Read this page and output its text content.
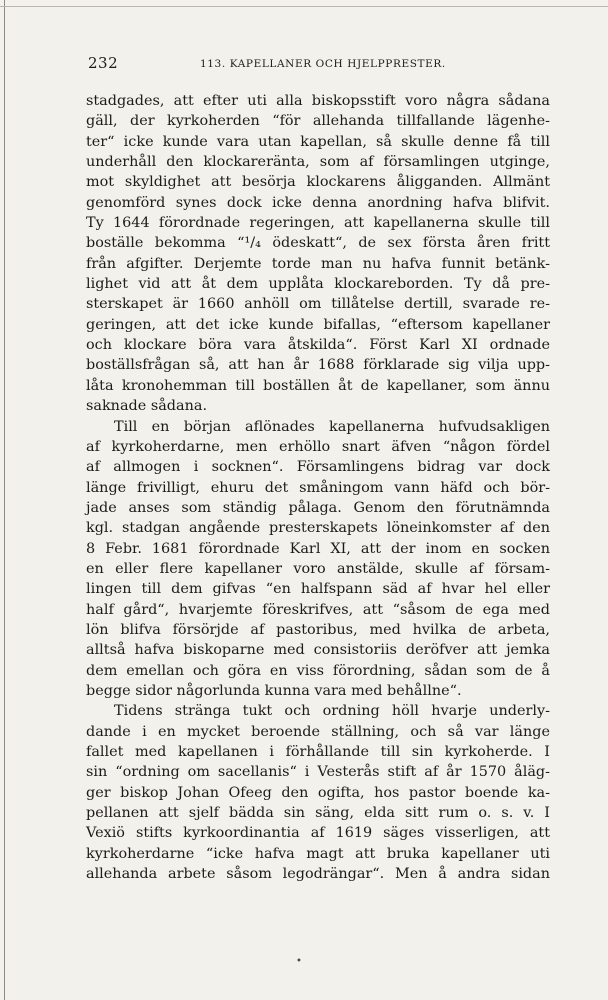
232	113. KAPELLANER OCH HJELPPRESTER.
stadgades, att efter uti alla biskopsstift voro några sådana
gäll, der kyrkoherden “för allehanda tillfallande lägenhe-
ter“ icke kunde vara utan kapellan, så skulle denne få till
underhåll den klockareränta, som af församlingen utginge,
mot skyldighet att besörja klockarens åligganden. Allmänt
genomförd synes dock icke denna anordning hafva blifvit.
Ty 1644 förordnade regeringen, att kapellanerna skulle till
boställe bekomma “¹/₄ ödeskatt“, de sex första åren fritt
från afgifter. Derjemte torde man nu hafva funnit betänk-
lighet vid att åt dem upplåta klockareborden. Ty då pre-
sterskapet är 1660 anhöll om tillåtelse dertill, svarade re-
geringen, att det icke kunde bifallas, “eftersom kapellaner
och klockare böra vara åtskilda“. Först Karl XI ordnade
boställsfrågan så, att han år 1688 förklarade sig vilja upp-
låta kronohemman till boställen åt de kapellaner, som ännu
saknade sådana.
Till en början aflönades kapellanerna hufvudsakligen
af kyrkoherdarne, men erhöllo snart äfven “någon fördel
af allmogen i socknen“. Församlingens bidrag var dock
länge frivilligt, ehuru det småningom vann häfd och bör-
jade anses som ständig pålaga. Genom den förutnämnda
kgl. stadgan angående presterskapets löneinkomster af den
8 Febr. 1681 förordnade Karl XI, att der inom en socken
en eller flere kapellaner voro anstälde, skulle af försam-
lingen till dem gifvas “en halfspann säd af hvar hel eller
half gård“, hvarjemte föreskrifves, att “såsom de ega med
lön blifva försörjde af pastoribus, med hvilka de arbeta,
alltså hafva biskoparne med consistoriis deröfver att jemka
dem emellan och göra en viss förordning, sådan som de å
begge sidor någorlunda kunna vara med behållne“.
Tidens stränga tukt och ordning höll hvarje underly-
dande i en mycket beroende ställning, och så var länge
fallet med kapellanen i förhållande till sin kyrkoherde. I
sin “ordning om sacellanis“ i Vesterås stift af år 1570 åläg-
ger biskop Johan Ofeeg den ogifta, hos pastor boende ka-
pellanen att sjelf bädda sin säng, elda sitt rum o. s. v. I
Vexiö stifts kyrkoordinantia af 1619 säges visserligen, att
kyrkoherdarne “icke hafva magt att bruka kapellaner uti
allehanda arbete såsom legodrängar“. Men å andra sidan
•
